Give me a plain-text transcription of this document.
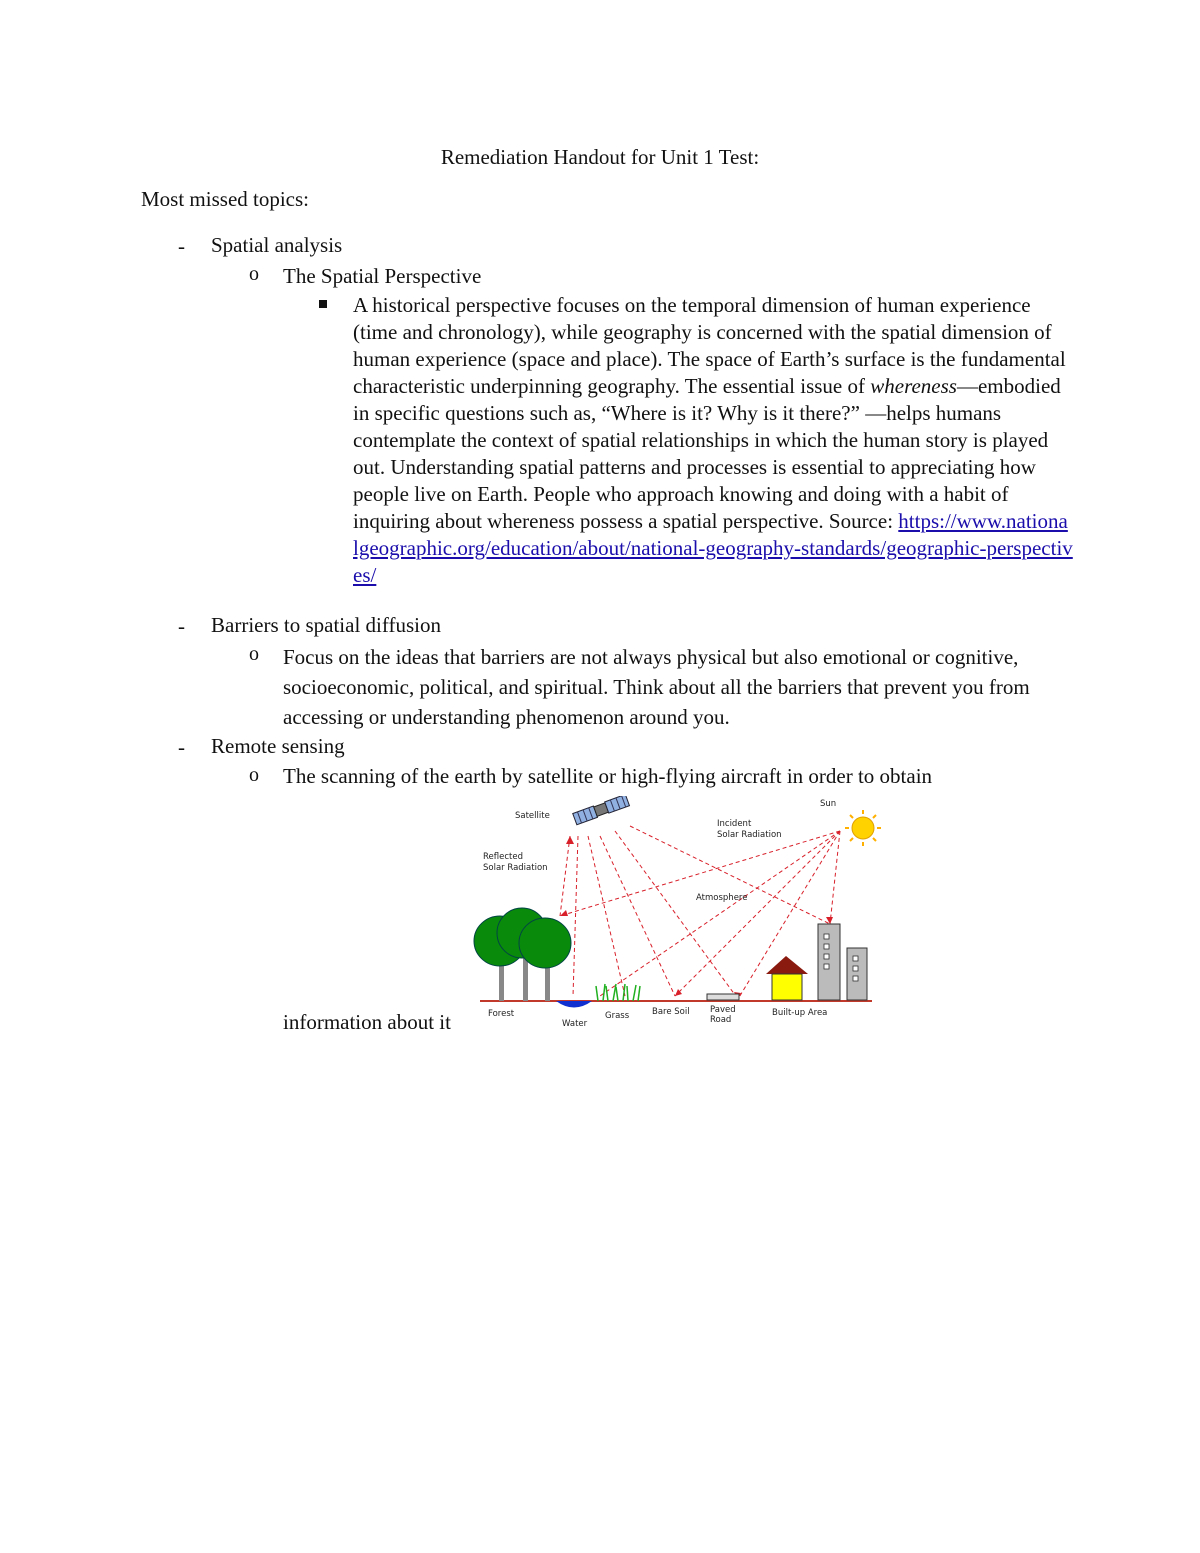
Remediation Handout for Unit 1 Test:
Most missed topics:
- Spatial analysis
o The Spatial Perspective

A historical perspective focuses on the temporal dimension of human experience (time and chronology), while geography is concerned with the spatial dimension of human experience (space and place). The space of Earth’s surface is the fundamental characteristic underpinning geography. The essential issue of whereness—embodied in specific questions such as, “Where is it? Why is it there?” —helps humans contemplate the context of spatial relationships in which the human story is played out. Understanding spatial patterns and processes is essential to appreciating how people live on Earth. People who approach knowing and doing with a habit of inquiring about whereness possess a spatial perspective. Source: https://www.nationalgeographic.org/education/about/national-geography-standards/geographic-perspectives/

- Barriers to spatial diffusion
o Focus on the ideas that barriers are not always physical but also emotional or cognitive, socioeconomic, political, and spiritual. Think about all the barriers that prevent you from accessing or understanding phenomenon around you.
- Remote sensing
o The scanning of the earth by satellite or high-flying aircraft in order to obtain
information about it
Satellite
Sun
Incident
Solar Radiation
Reflected
Solar Radiation
Atmosphere
Forest
Water
Grass	Bare Soil Paved
Road
Built-up Area
